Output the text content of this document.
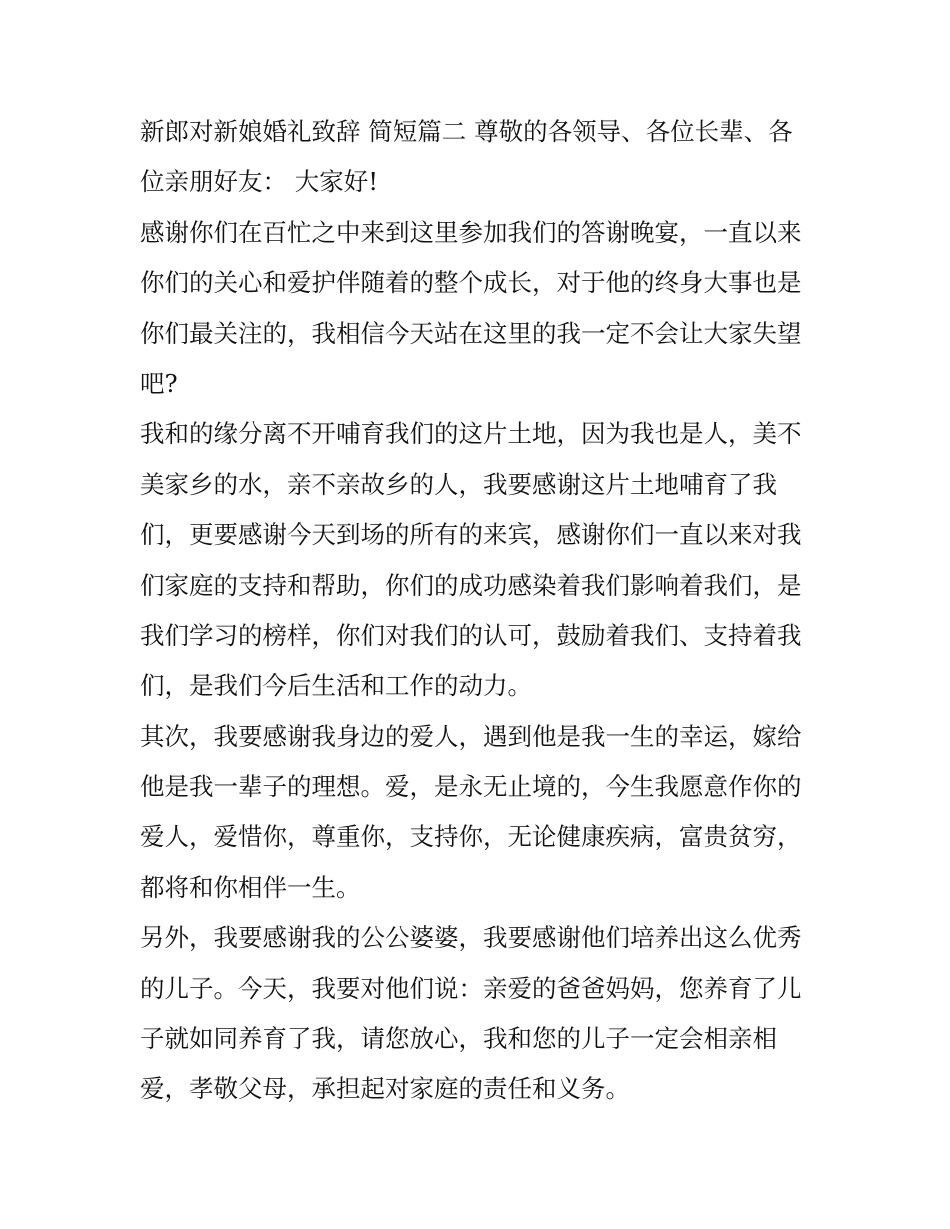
新郎对新娘婚礼致辞 简短篇二 尊敬的各领导、各位长辈、各
位亲朋好友： 大家好!
感谢你们在百忙之中来到这里参加我们的答谢晚宴，一直以来
你们的关心和爱护伴随着的整个成长，对于他的终身大事也是
你们最关注的，我相信今天站在这里的我一定不会让大家失望
吧?
我和的缘分离不开哺育我们的这片土地，因为我也是人，美不
美家乡的水，亲不亲故乡的人，我要感谢这片土地哺育了我
们，更要感谢今天到场的所有的来宾，感谢你们一直以来对我
们家庭的支持和帮助，你们的成功感染着我们影响着我们，是
我们学习的榜样，你们对我们的认可，鼓励着我们、支持着我
们，是我们今后生活和工作的动力。
其次，我要感谢我身边的爱人，遇到他是我一生的幸运，嫁给
他是我一辈子的理想。爱，是永无止境的，今生我愿意作你的
爱人，爱惜你，尊重你，支持你，无论健康疾病，富贵贫穷，
都将和你相伴一生。
另外，我要感谢我的公公婆婆，我要感谢他们培养出这么优秀
的儿子。今天，我要对他们说：亲爱的爸爸妈妈，您养育了儿
子就如同养育了我，请您放心，我和您的儿子一定会相亲相
爱，孝敬父母，承担起对家庭的责任和义务。
